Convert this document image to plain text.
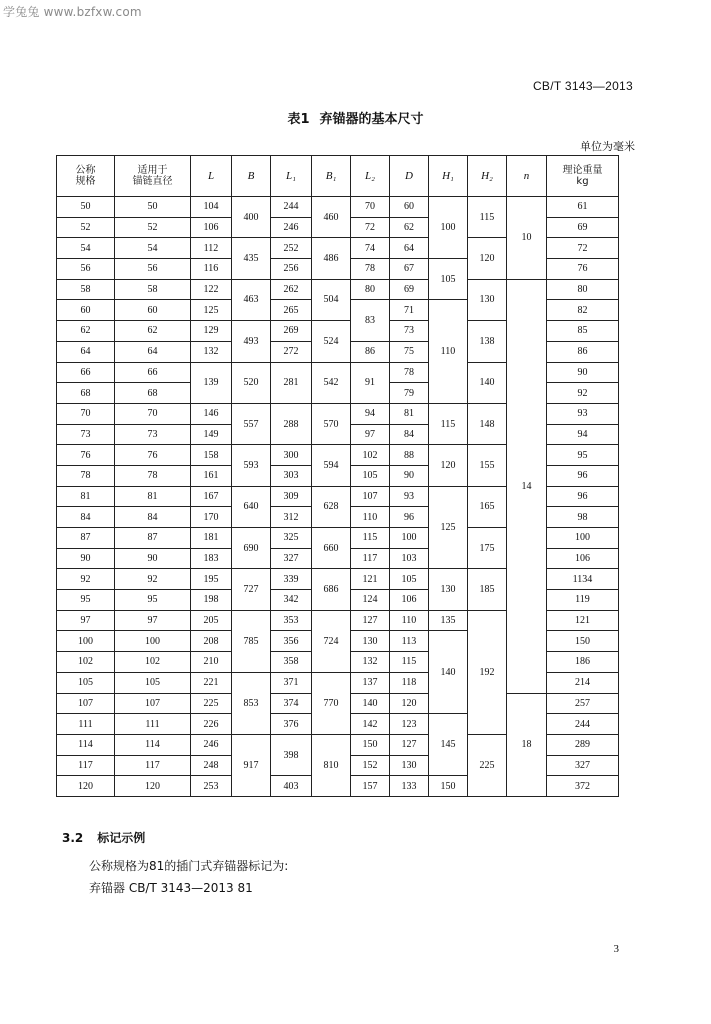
学兔兔 www.bzfxw.com
CB/T 3143—2013
表1 弃锚器的基本尺寸
单位为毫米
公称
规格	适用于
锚链直径	L	B	L₁	B₁	L₂	D	H₁	H₂	n	理论重量
kg
50	50	104	400	244	460	70	60	100	115	10	61
52	52	106		246		72	62				69
54	54	112	435	252	486	74	64		120		72
56	56	116		256		78	67	105			76
58	58	122	463	262	504	80	69		130	14	80
60	60	125		265		83	71	110			82
62	62	129	493	269	524		73		138		85
64	64	132		272		86	75				86
66	66	139	520	281	542	91	78		140		90
68	68						79				92
70	70	146	557	288	570	94	81	115	148		93
73	73	149				97	84				94
76	76	158	593	300	594	102	88	120	155		95
78	78	161		303		105	90				96
81	81	167	640	309	628	107	93	125	165		96
84	84	170		312		110	96				98
87	87	181	690	325	660	115	100		175		100
90	90	183		327		117	103				106
92	92	195	727	339	686	121	105	130	185		1134
95	95	198		342		124	106				119
97	97	205	785	353	724	127	110	135	192		121
100	100	208		356		130	113	140			150
102	102	210		358		132	115				186
105	105	221	853	371	770	137	118				214
107	107	225		374		140	120			18	257
111	111	226		376		142	123	145			244
114	114	246	917	398	810	150	127		225		289
117	117	248				152	130				327
120	120	253		403		157	133	150			372
3.2 标记示例
公称规格为81的插门式弃锚器标记为:
弃锚器 CB/T 3143—2013 81
3
